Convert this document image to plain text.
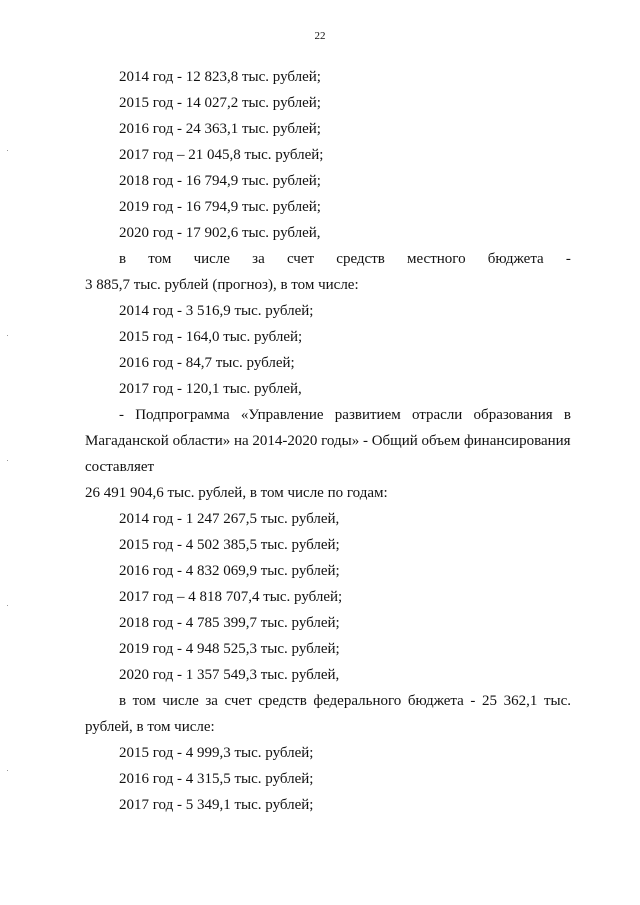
22
2014 год - 12 823,8 тыс. рублей;
2015 год - 14 027,2 тыс. рублей;
2016 год - 24 363,1 тыс. рублей;
2017 год – 21 045,8 тыс. рублей;
2018 год - 16 794,9 тыс. рублей;
2019 год - 16 794,9 тыс. рублей;
2020 год - 17 902,6 тыс. рублей,
в том числе за счет средств местного бюджета -
3 885,7 тыс. рублей (прогноз), в том числе:
2014 год - 3 516,9 тыс. рублей;
2015 год - 164,0 тыс. рублей;
2016 год - 84,7 тыс. рублей;
2017 год - 120,1 тыс. рублей,
- Подпрограмма «Управление развитием отрасли образования в
Магаданской области» на 2014-2020 годы» - Общий объем финансирования
составляет
26 491 904,6 тыс. рублей, в том числе по годам:
2014 год - 1 247 267,5 тыс. рублей,
2015 год - 4 502 385,5 тыс. рублей;
2016 год - 4 832 069,9 тыс. рублей;
2017 год – 4 818 707,4 тыс. рублей;
2018 год - 4 785 399,7 тыс. рублей;
2019 год - 4 948 525,3 тыс. рублей;
2020 год - 1 357 549,3 тыс. рублей,
в том числе за счет средств федерального бюджета - 25 362,1 тыс.
рублей, в том числе:
2015 год - 4 999,3 тыс. рублей;
2016 год - 4 315,5 тыс. рублей;
2017 год - 5 349,1 тыс. рублей;
